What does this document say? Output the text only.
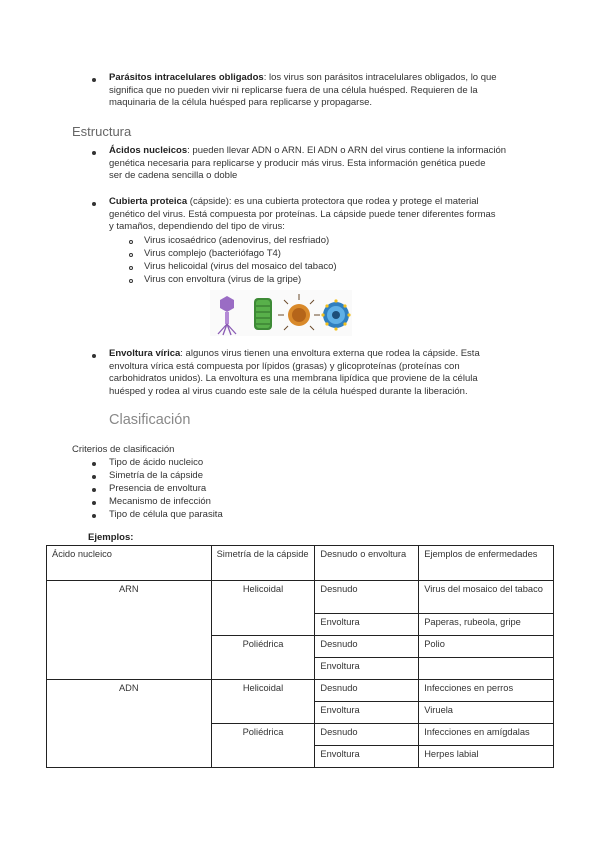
Parásitos intracelulares obligados: los virus son parásitos intracelulares obligados, lo que
significa que no pueden vivir ni replicarse fuera de una célula huésped. Requieren de la
maquinaria de la célula huésped para replicarse y propagarse.
Estructura
Ácidos nucleicos: pueden llevar ADN o ARN. El ADN o ARN del virus contiene la información
genética necesaria para replicarse y producir más virus. Esta información genética puede
ser de cadena sencilla o doble
Cubierta proteica (cápside): es una cubierta protectora que rodea y protege el material
genético del virus. Está compuesta por proteínas. La cápside puede tener diferentes formas
y tamaños, dependiendo del tipo de virus:
Virus icosaédrico (adenovirus, del resfriado)
Virus complejo (bacteriófago T4)
Virus helicoidal (virus del mosaico del tabaco)
Virus con envoltura (virus de la gripe)
Envoltura vírica: algunos virus tienen una envoltura externa que rodea la cápside. Esta
envoltura vírica está compuesta por lípidos (grasas) y glicoproteínas (proteínas con
carbohidratos unidos). La envoltura es una membrana lipídica que proviene de la célula
huésped y rodea al virus cuando este sale de la célula huésped durante la liberación.
Clasificación
Criterios de clasificación
Tipo de ácido nucleico
Simetría de la cápside
Presencia de envoltura
Mecanismo de infección
Tipo de célula que parasita
Ejemplos:
Ácido nucleico	Simetría de la cápside	Desnudo o envoltura	Ejemplos de enfermedades
ARN	Helicoidal	Desnudo	Virus del mosaico del tabaco
		Envoltura	Paperas, rubeola, gripe
	Poliédrica	Desnudo	Polio
		Envoltura	
ADN	Helicoidal	Desnudo	Infecciones en perros
		Envoltura	Viruela
	Poliédrica	Desnudo	Infecciones en amígdalas
		Envoltura	Herpes labial
